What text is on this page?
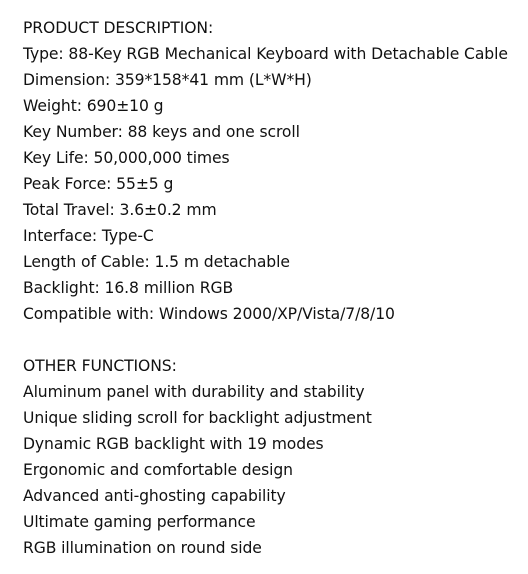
PRODUCT DESCRIPTION:
Type: 88-Key RGB Mechanical Keyboard with Detachable Cable
Dimension: 359*158*41 mm (L*W*H)
Weight: 690±10 g
Key Number: 88 keys and one scroll
Key Life: 50,000,000 times
Peak Force: 55±5 g
Total Travel: 3.6±0.2 mm
Interface: Type-C
Length of Cable: 1.5 m detachable
Backlight: 16.8 million RGB
Compatible with: Windows 2000/XP/Vista/7/8/10
OTHER FUNCTIONS:
Aluminum panel with durability and stability
Unique sliding scroll for backlight adjustment
Dynamic RGB backlight with 19 modes
Ergonomic and comfortable design
Advanced anti-ghosting capability
Ultimate gaming performance
RGB illumination on round side
